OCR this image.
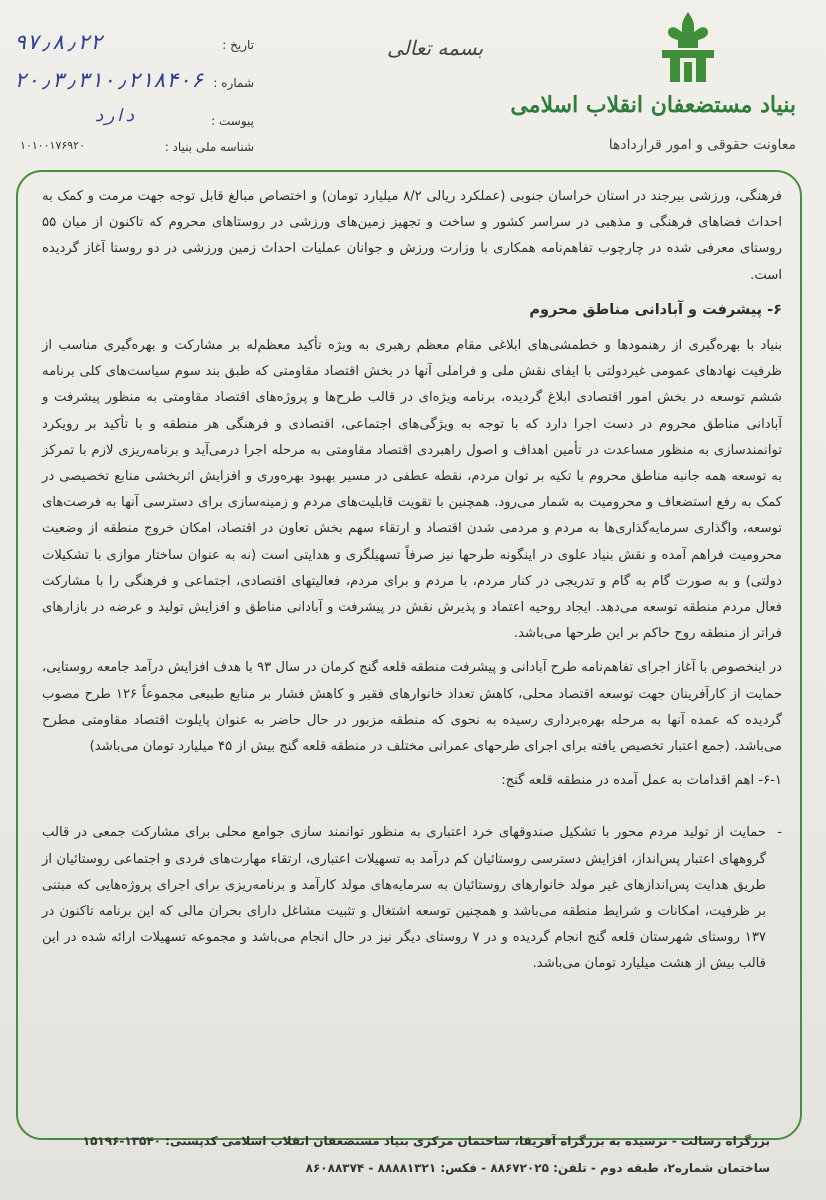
بنیاد مستضعفان انقلاب اسلامی
معاونت حقوقی و امور قراردادها
بسمه تعالی
۹۷٫۸٫۲۲	تاریخ :
۲۰٫۳٫۳۱۰٫۲۱۸۴۰۶ شماره :
دارد	پیوست :
۱۰۱۰۰۱۷۶۹۲۰	شناسه ملی بنیاد :

فرهنگی، ورزشی بیرجند در استان خراسان جنوبی (عملکرد ریالی ۸/۲ میلیارد تومان) و اختصاص مبالغ قابل توجه جهت مرمت و کمک به احداث فضاهای فرهنگی و مذهبی در سراسر کشور و ساخت و تجهیز زمین‌های ورزشی در روستاهای محروم که تاکنون از میان ۵۵ روستای معرفی شده در چارچوب تفاهم‌نامه همکاری با وزارت ورزش و جوانان عملیات احداث زمین ورزشی در دو روستا آغاز گردیده است.

۶- پیشرفت و آبادانی مناطق محروم

بنیاد با بهره‌گیری از رهنمودها و خطمشی‌های ابلاغی مقام معظم رهبری به ویژه تأکید معظم‌له بر مشارکت و بهره‌گیری مناسب از ظرفیت نهادهای عمومی غیردولتی با ایفای نقش ملی و فراملی آنها در بخش اقتصاد مقاومتی که طبق بند سوم سیاست‌های کلی برنامه ششم توسعه در بخش امور اقتصادی ابلاغ گردیده، برنامه ویژه‌ای در قالب طرح‌ها و پروژه‌های اقتصاد مقاومتی به منظور پیشرفت و آبادانی مناطق محروم در دست اجرا دارد که با توجه به ویژگی‌های اجتماعی، اقتصادی و فرهنگی هر منطقه و با تأکید بر رویکرد توانمندسازی به منظور مساعدت در تأمین اهداف و اصول راهبردی اقتصاد مقاومتی به مرحله اجرا درمی‌آید و برنامه‌ریزی لازم با تمرکز به توسعه همه جانبه مناطق محروم با تکیه بر توان مردم، نقطه عطفی در مسیر بهبود بهره‌وری و افزایش اثربخشی منابع تخصیصی در کمک به رفع استضعاف و محرومیت به شمار می‌رود. همچنین با تقویت قابلیت‌های مردم و زمینه‌سازی برای دسترسی آنها به فرصت‌های توسعه، واگذاری سرمایه‌گذاری‌ها به مردم و مردمی شدن اقتصاد و ارتقاء سهم بخش تعاون در اقتصاد، امکان خروج منطقه از وضعیت محرومیت فراهم آمده و نقش بنیاد علوی در اینگونه طرحها نیز صرفاً تسهیلگری و هدایتی است (نه به عنوان ساختار موازی با تشکیلات دولتی) و به صورت گام به گام و تدریجی در کنار مردم، با مردم و برای مردم، فعالیتهای اقتصادی، اجتماعی و فرهنگی را با مشارکت فعال مردم منطقه توسعه می‌دهد. ایجاد روحیه اعتماد و پذیرش نقش در پیشرفت و آبادانی مناطق و افزایش تولید و عرضه در بازارهای فراتر از منطقه روح حاکم بر این طرحها می‌باشد.

در اینخصوص با آغاز اجرای تفاهم‌نامه طرح آبادانی و پیشرفت منطقه قلعه گنج کرمان در سال ۹۳ با هدف افزایش درآمد جامعه روستایی، حمایت از کارآفرینان جهت توسعه اقتصاد محلی، کاهش تعداد خانوارهای فقیر و کاهش فشار بر منابع طبیعی مجموعاً ۱۲۶ طرح مصوب گردیده که عمده آنها به مرحله بهره‌برداری رسیده به نحوی که منطقه مزبور در حال حاضر به عنوان پایلوت اقتصاد مقاومتی مطرح می‌باشد. (جمع اعتبار تخصیص یافته برای اجرای طرحهای عمرانی مختلف در منطقه قلعه گنج بیش از ۴۵ میلیارد تومان می‌باشد)

۶-۱- اهم اقدامات به عمل آمده در منطقه قلعه گنج:

- حمایت از تولید مردم محور با تشکیل صندوقهای خرد اعتباری به منظور توانمند سازی جوامع محلی برای مشارکت جمعی در قالب گروههای اعتبار پس‌انداز، افزایش دسترسی روستائیان کم درآمد به تسهیلات اعتباری، ارتقاء مهارت‌های فردی و اجتماعی روستائیان از طریق هدایت پس‌اندازهای غیر مولد خانوارهای روستائیان به سرمایه‌های مولد کارآمد و برنامه‌ریزی برای اجرای پروژه‌هایی که مبتنی بر ظرفیت، امکانات و شرایط منطقه می‌باشد و همچنین توسعه اشتغال و تثبیت مشاغل دارای بحران مالی که این برنامه تاکنون در ۱۳۷ روستای شهرستان قلعه گنج انجام گردیده و در ۷ روستای دیگر نیز در حال انجام می‌باشد و مجموعه تسهیلات ارائه شده در این قالب بیش از هشت میلیارد تومان می‌باشد.

بزرگراه رسالت - نرسیده به بزرگراه آفریقا، ساختمان مرکزی بنیاد مستضعفان انقلاب اسلامی کدپستی: ۱۳۵۴۰-۱۵۱۹۶
ساختمان شماره۲، طبقه دوم - تلفن: ۸۸۶۷۲۰۲۵ - فکس: ۸۸۸۸۱۳۲۱ - ۸۶۰۸۸۳۷۴
